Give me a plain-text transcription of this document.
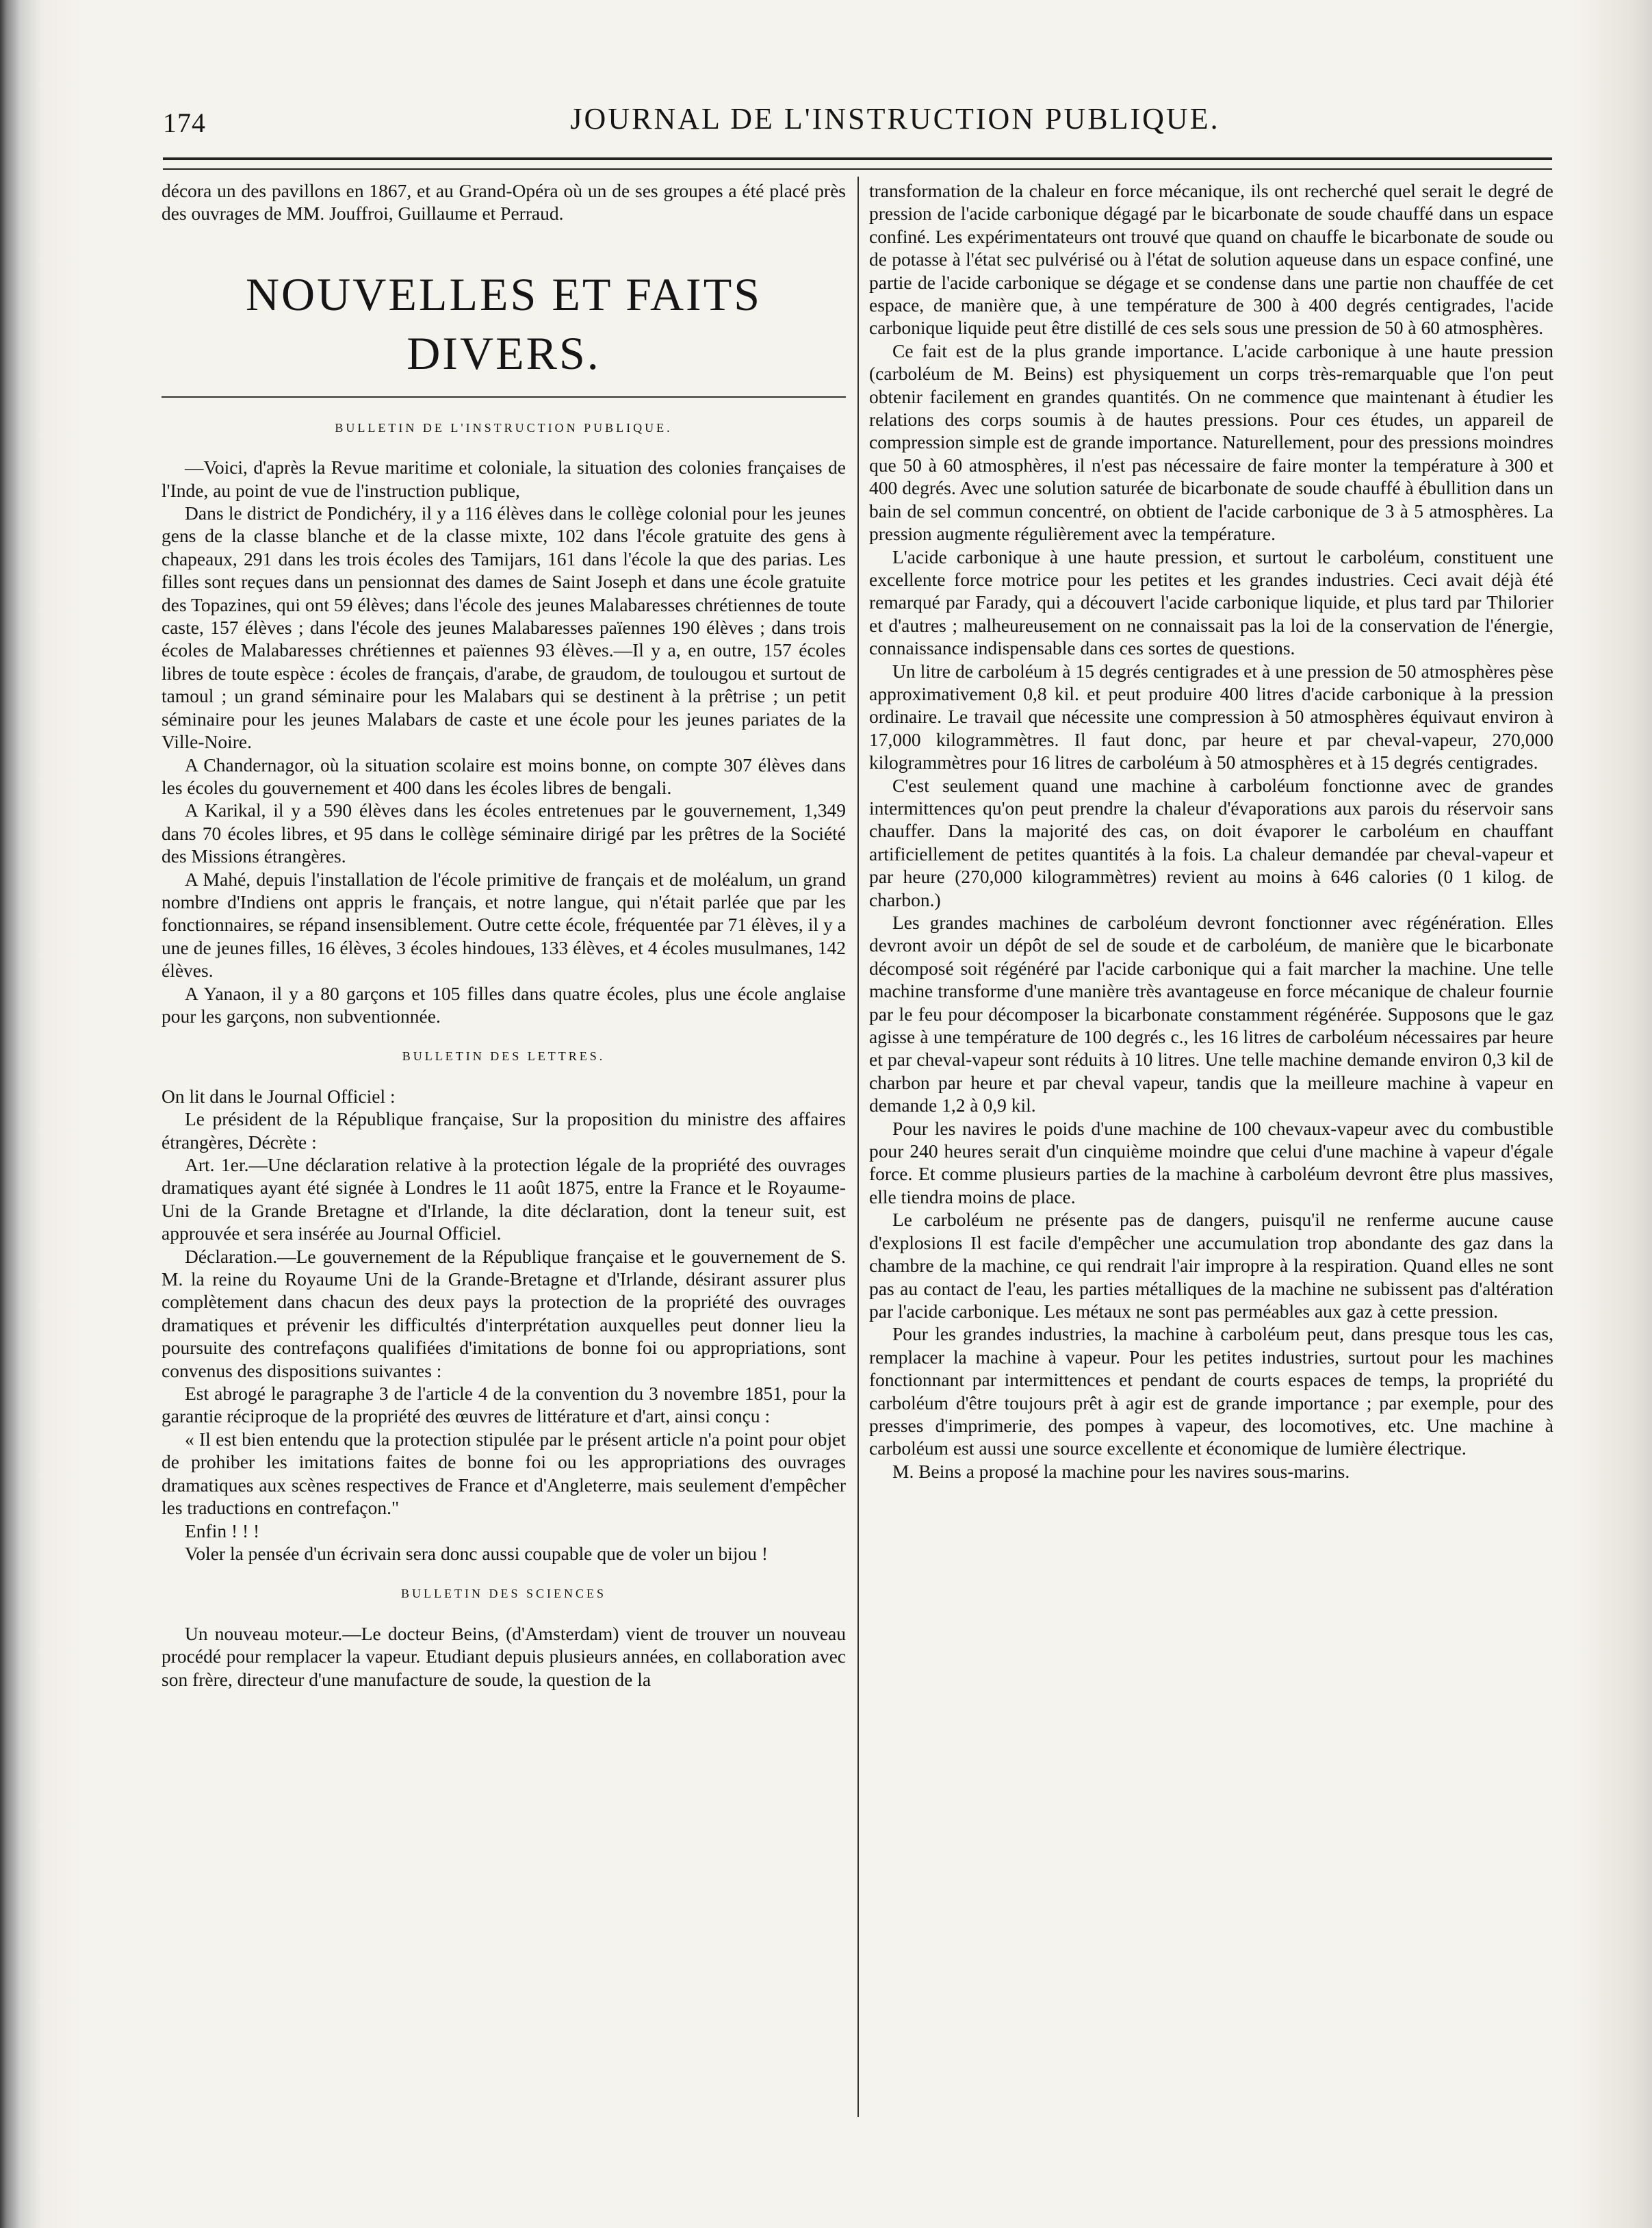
174	JOURNAL DE L'INSTRUCTION PUBLIQUE.

décora un des pavillons en 1867, et au Grand-Opéra où un de ses groupes a été placé près des ouvrages de MM. Jouffroi, Guillaume et Perraud.

NOUVELLES ET FAITS DIVERS.
BULLETIN DE L'INSTRUCTION PUBLIQUE.

—Voici, d'après la Revue maritime et coloniale, la situation des colonies françaises de l'Inde, au point de vue de l'instruction publique,

Dans le district de Pondichéry, il y a 116 élèves dans le collège colonial pour les jeunes gens de la classe blanche et de la classe mixte, 102 dans l'école gratuite des gens à chapeaux, 291 dans les trois écoles des Tamijars, 161 dans l'école la que des parias. Les filles sont reçues dans un pensionnat des dames de Saint Joseph et dans une école gratuite des Topazines, qui ont 59 élèves; dans l'école des jeunes Malabaresses chrétiennes de toute caste, 157 élèves ; dans l'école des jeunes Malabaresses païennes 190 élèves ; dans trois écoles de Malabaresses chrétiennes et païennes 93 élèves.—Il y a, en outre, 157 écoles libres de toute espèce : écoles de français, d'arabe, de graudom, de toulougou et surtout de tamoul ; un grand séminaire pour les Malabars qui se destinent à la prêtrise ; un petit séminaire pour les jeunes Malabars de caste et une école pour les jeunes pariates de la Ville-Noire.

A Chandernagor, où la situation scolaire est moins bonne, on compte 307 élèves dans les écoles du gouvernement et 400 dans les écoles libres de bengali.

A Karikal, il y a 590 élèves dans les écoles entretenues par le gouvernement, 1,349 dans 70 écoles libres, et 95 dans le collège séminaire dirigé par les prêtres de la Société des Missions étrangères.

A Mahé, depuis l'installation de l'école primitive de français et de moléalum, un grand nombre d'Indiens ont appris le français, et notre langue, qui n'était parlée que par les fonctionnaires, se répand insensiblement. Outre cette école, fréquentée par 71 élèves, il y a une de jeunes filles, 16 élèves, 3 écoles hindoues, 133 élèves, et 4 écoles musulmanes, 142 élèves.

A Yanaon, il y a 80 garçons et 105 filles dans quatre écoles, plus une école anglaise pour les garçons, non subventionnée.

BULLETIN DES LETTRES.

On lit dans le Journal Officiel :

Le président de la République française, Sur la proposition du ministre des affaires étrangères, Décrète :

Art. 1er.—Une déclaration relative à la protection légale de la propriété des ouvrages dramatiques ayant été signée à Londres le 11 août 1875, entre la France et le Royaume-Uni de la Grande Bretagne et d'Irlande, la dite déclaration, dont la teneur suit, est approuvée et sera insérée au Journal Officiel.

Déclaration.—Le gouvernement de la République française et le gouvernement de S. M. la reine du Royaume Uni de la Grande-Bretagne et d'Irlande, désirant assurer plus complètement dans chacun des deux pays la protection de la propriété des ouvrages dramatiques et prévenir les difficultés d'interprétation auxquelles peut donner lieu la poursuite des contrefaçons qualifiées d'imitations de bonne foi ou appropriations, sont convenus des dispositions suivantes :

Est abrogé le paragraphe 3 de l'article 4 de la convention du 3 novembre 1851, pour la garantie réciproque de la propriété des œuvres de littérature et d'art, ainsi conçu :

« Il est bien entendu que la protection stipulée par le présent article n'a point pour objet de prohiber les imitations faites de bonne foi ou les appropriations des ouvrages dramatiques aux scènes respectives de France et d'Angleterre, mais seulement d'empêcher les traductions en contrefaçon."

Enfin ! ! !

Voler la pensée d'un écrivain sera donc aussi coupable que de voler un bijou !

BULLETIN DES SCIENCES

Un nouveau moteur.—Le docteur Beins, (d'Amsterdam) vient de trouver un nouveau procédé pour remplacer la vapeur. Etudiant depuis plusieurs années, en collaboration avec son frère, directeur d'une manufacture de soude, la question de la

transformation de la chaleur en force mécanique, ils ont recherché quel serait le degré de pression de l'acide carbonique dégagé par le bicarbonate de soude chauffé dans un espace confiné. Les expérimentateurs ont trouvé que quand on chauffe le bicarbonate de soude ou de potasse à l'état sec pulvérisé ou à l'état de solution aqueuse dans un espace confiné, une partie de l'acide carbonique se dégage et se condense dans une partie non chauffée de cet espace, de manière que, à une température de 300 à 400 degrés centigrades, l'acide carbonique liquide peut être distillé de ces sels sous une pression de 50 à 60 atmosphères.

Ce fait est de la plus grande importance. L'acide carbonique à une haute pression (carboléum de M. Beins) est physiquement un corps très-remarquable que l'on peut obtenir facilement en grandes quantités. On ne commence que maintenant à étudier les relations des corps soumis à de hautes pressions. Pour ces études, un appareil de compression simple est de grande importance. Naturellement, pour des pressions moindres que 50 à 60 atmosphères, il n'est pas nécessaire de faire monter la température à 300 et 400 degrés. Avec une solution saturée de bicarbonate de soude chauffé à ébullition dans un bain de sel commun concentré, on obtient de l'acide carbonique de 3 à 5 atmosphères. La pression augmente régulièrement avec la température.

L'acide carbonique à une haute pression, et surtout le carboléum, constituent une excellente force motrice pour les petites et les grandes industries. Ceci avait déjà été remarqué par Farady, qui a découvert l'acide carbonique liquide, et plus tard par Thilorier et d'autres ; malheureusement on ne connaissait pas la loi de la conservation de l'énergie, connaissance indispensable dans ces sortes de questions.

Un litre de carboléum à 15 degrés centigrades et à une pression de 50 atmosphères pèse approximativement 0,8 kil. et peut produire 400 litres d'acide carbonique à la pression ordinaire. Le travail que nécessite une compression à 50 atmosphères équivaut environ à 17,000 kilogrammètres. Il faut donc, par heure et par cheval-vapeur, 270,000 kilogrammètres pour 16 litres de carboléum à 50 atmosphères et à 15 degrés centigrades.

C'est seulement quand une machine à carboléum fonctionne avec de grandes intermittences qu'on peut prendre la chaleur d'évaporations aux parois du réservoir sans chauffer. Dans la majorité des cas, on doit évaporer le carboléum en chauffant artificiellement de petites quantités à la fois. La chaleur demandée par cheval-vapeur et par heure (270,000 kilogrammètres) revient au moins à 646 calories (0 1 kilog. de charbon.)

Les grandes machines de carboléum devront fonctionner avec régénération. Elles devront avoir un dépôt de sel de soude et de carboléum, de manière que le bicarbonate décomposé soit régénéré par l'acide carbonique qui a fait marcher la machine. Une telle machine transforme d'une manière très avantageuse en force mécanique de chaleur fournie par le feu pour décomposer la bicarbonate constamment régénérée. Supposons que le gaz agisse à une température de 100 degrés c., les 16 litres de carboléum nécessaires par heure et par cheval-vapeur sont réduits à 10 litres. Une telle machine demande environ 0,3 kil de charbon par heure et par cheval vapeur, tandis que la meilleure machine à vapeur en demande 1,2 à 0,9 kil.

Pour les navires le poids d'une machine de 100 chevaux-vapeur avec du combustible pour 240 heures serait d'un cinquième moindre que celui d'une machine à vapeur d'égale force. Et comme plusieurs parties de la machine à carboléum devront être plus massives, elle tiendra moins de place.

Le carboléum ne présente pas de dangers, puisqu'il ne renferme aucune cause d'explosions Il est facile d'empêcher une accumulation trop abondante des gaz dans la chambre de la machine, ce qui rendrait l'air impropre à la respiration. Quand elles ne sont pas au contact de l'eau, les parties métalliques de la machine ne subissent pas d'altération par l'acide carbonique. Les métaux ne sont pas perméables aux gaz à cette pression.

Pour les grandes industries, la machine à carboléum peut, dans presque tous les cas, remplacer la machine à vapeur. Pour les petites industries, surtout pour les machines fonctionnant par intermittences et pendant de courts espaces de temps, la propriété du carboléum d'être toujours prêt à agir est de grande importance ; par exemple, pour des presses d'imprimerie, des pompes à vapeur, des locomotives, etc. Une machine à carboléum est aussi une source excellente et économique de lumière électrique.

M. Beins a proposé la machine pour les navires sous-marins.
